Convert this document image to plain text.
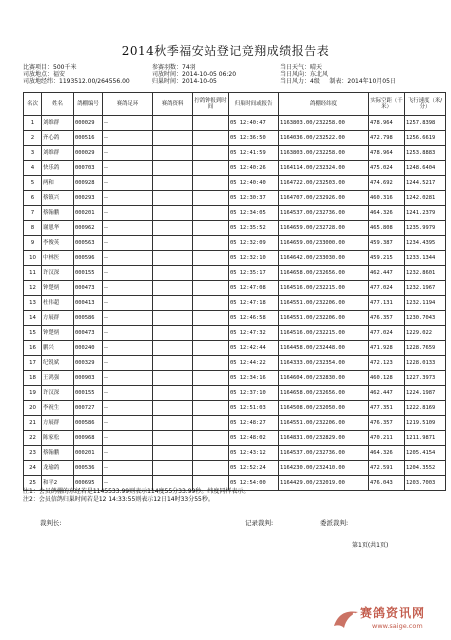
2014秋季福安站登记竞翔成绩报告表
比赛项目：500千米
司放地点：福安
司放地经纬：1193512.00/264556.00
参赛羽数：74羽
司放时间：2014-10-05 06:20
归巢时间：2014-10-05
当日天气：晴天
当日风向：东北风
当日风力：4级 制表：2014年10月05日
名次	姓名	鸽棚编号	赛鸽足环	赛鸽资料	拧鸽钟报到时间	归巢时间或报告	鸽棚经纬度	实际空距（千米）	飞行速度（米/分）
1	刘维群	000029	--			05 12:40:47	1163803.00/232258.00	478.964	1257.8398
2	齐心鸽	000516	--			05 12:36:50	1164036.00/232522.00	472.798	1256.6619
3	刘维群	000029	--			05 12:41:59	1163803.00/232258.00	478.964	1253.8883
4	快乐鸽	000703	--			05 12:40:26	1164114.00/232324.00	475.024	1248.6404
5	两和	000928	--			05 12:40:40	1164722.00/232503.00	474.692	1244.5217
6	蔡镇兴	000293	--			05 12:30:37	1164707.00/232926.00	460.316	1242.0281
7	蔡翰鹏	000201	--			05 12:34:05	1164537.00/232736.00	464.326	1241.2379
8	谢恩华	000962	--			05 12:35:52	1164659.00/232728.00	465.808	1235.9979
9	李俊英	000563	--			05 12:32:09	1164659.00/233000.00	459.387	1234.4395
10	中林医	000596	--			05 12:32:10	1164642.00/233030.00	459.215	1233.1344
11	许汉深	000155	--			05 12:35:17	1164658.00/232656.00	462.447	1232.8601
12	钟楚炳	000473	--			05 12:47:08	1164516.00/232215.00	477.024	1232.1967
13	杜伟超	000413	--			05 12:47:18	1164551.00/232206.00	477.131	1232.1194
14	方展群	000586	--			05 12:46:58	1164551.00/232206.00	476.357	1230.7043
15	钟楚炳	000473	--			05 12:47:32	1164516.00/232215.00	477.024	1229.022
16	鹏兴	000240	--			05 12:42:44	1164458.00/232448.00	471.928	1228.7659
17	纪锐斌	000329	--			05 12:44:22	1164333.00/232354.00	472.123	1228.0133
18	王鸿强	000903	--			05 12:34:16	1164604.00/232830.00	460.128	1227.3973
19	许汉深	000155	--			05 12:37:10	1164658.00/232656.00	462.447	1224.1987
20	李祝生	000727	--			05 12:51:03	1164508.00/232050.00	477.351	1222.8169
21	方展群	000586	--			05 12:48:27	1164551.00/232206.00	476.357	1219.5109
22	陈家松	000968	--			05 12:48:02	1164831.00/232829.00	470.211	1211.9871
23	蔡翰鹏	000201	--			05 12:43:12	1164537.00/232736.00	464.326	1205.4154
24	龙瑜鸽	000536	--			05 12:52:24	1164230.00/232410.00	472.591	1204.3552
25	和平2	000695	--			05 12:54:00	1164429.00/232019.00	476.043	1203.7003
注1：会员鸽棚的东经若是1145533.99则表示114度55分33.99秒。纬度同样表示。
注2：会员信鸽归巢时间若是12 14:33:55则表示12日14时33分55秒。
裁判长:	记录裁判:	委派裁判:
第1页(共1页)
赛鸽资讯网
www.saige.com
